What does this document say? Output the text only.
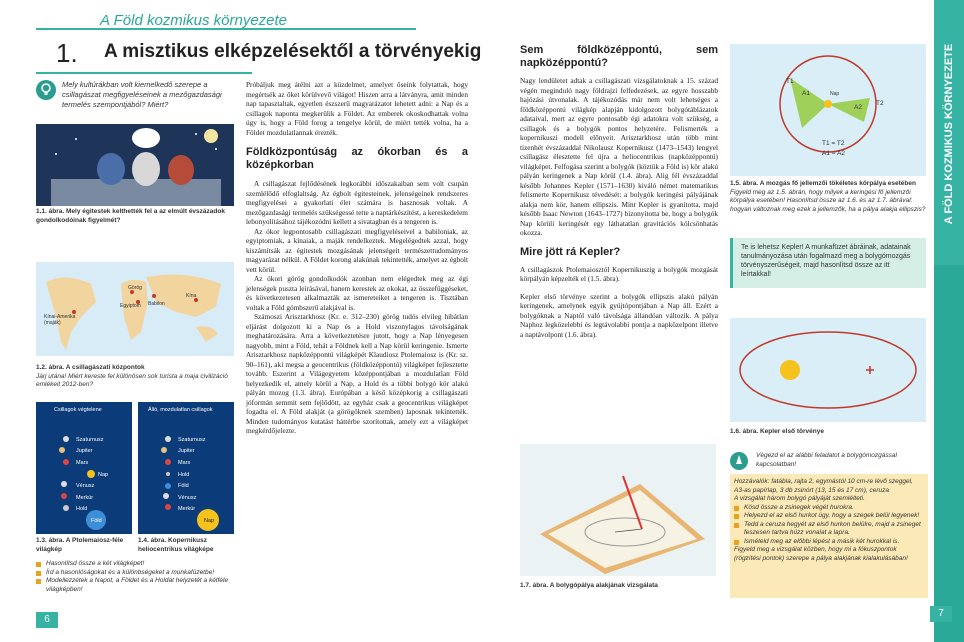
A FÖLD KOZMIKUS KÖRNYEZETE
A Föld kozmikus környezete
1. A misztikus elképzelésektől a törvényekig
Mely kultúrákban volt kiemelkedő szerepe a csillagászat megfigyeléseinek a mezőgazdasági termelés szempontjából? Miért?
1.1. ábra. Mely égitestek kelthették fel a az elmúlt évszázadok gondolkodóinak figyelmét?
Kína
Kínai-Amerika (maják)
Egyiptom Babilon
Görög
1.2. ábra. A csillagászati központok
Járj utána! Miért kereste fel különösen sok turista a maja civilizáció emlékeit 2012-ben?
Csillagok végtelene
Szaturnusz
Jupiter
Mars
Nap
Vénusz
Merkúr
Hold
Föld
Álló, mozdulatlan csillagok
Szaturnusz
Jupiter
Mars
Hold
Föld
Vénusz
Merkúr
Nap
1.3. ábra. A Ptolemaiosz-féle világkép
1.4. ábra. Kopernikusz heliocentrikus világképe
Hasonlítsd össze a két világképet!
Írd a hasonlóságokat és a különbségeket a munkafüzetbe!
Modellezzétek a Napot, a Földet és a Holdat helyzetét a kétféle világképben!
6

Próbáljuk meg átélni azt a küzdelmet, amelyet őseink folytattak, hogy megértsék az őket körülvevő világot! Hiszen arra a látványra, amit minden nap tapasztaltak, egyetlen észszerű magyarázatot lehetett adni: a Nap és a csillagok naponta megkerülik a Földet. Az emberek okoskodhattak volna úgy is, hogy a Föld forog a tengelye körül, de miért tették volna, ha a Földet mozdulatlannak érezték.

Földközpontúság az ókorban és a középkorban

A csillagászat fejlődésének legkorábbi időszakaiban sem volt csupán szemlélődő elfoglaltság. Az égbolt égitesteinek, jelenségeinek rendszeres megfigyelései a gyakorlati élet számára is hasznosak voltak. A mezőgazdasági termelés szükségessé tette a naptárkészítést, a kereskedelem lebonyolításához tájékozódni kellett a sivatagban és a tengeren is.

Az ókor legpontosabb csillagászati megfigyeléseivel a babiloniak, az egyiptomiak, a kínaiak, a maják rendelkeztek. Megelégedtek azzal, hogy kiszámítsák az égitestek mozgásának jelenségeit természettudományos magyarázat nélkül. A Földet korong alakúnak tekintették, amelyet az égbolt vett körül.

Az ókori görög gondolkodók azonban nem elégedtek meg az égi jelenségek puszta leírásával, hanem kerestek az okokat, az összefüggéseket, és következetesen alkalmazták az ismereteiket a tengeren is. Tisztában voltak a Föld gömbszerű alakjával is.

Számoszi Arisztarkhosz (Kr. e. 312–230) görög tudós elvileg hibátlan eljárást dolgozott ki a Nap és a Hold viszonylagos távolságának meghatározására. Arra a következtetésre jutott, hogy a Nap lényegesen nagyobb, mint a Föld, tehát a Földnek kell a Nap körül keringenie. Ismerte Arisztarkhosz napközéppontú világképét Klaudiosz Ptolemaiosz is (Kr. sz. 90–161), aki megsa a geocentrikus (földközéppontú) világképet fejlesztette tovább. Eszerint a Világegyetem középpontjában a mozdulatlan Föld helyezkedik el, amely körül a Nap, a Hold és a többi bolygó kör alakú pályán mozog (1.3. ábra). Európában a késő középkorig a csillagászati jóformán semmit sem fejlődött, az egyház csak a geocentrikus világképet fogadta el. A Föld alakját (a görögöknek szemben) laposnak tekintették. Minden tudományos kutatást háttérbe szorítottak, amely ezt a világképet megkérdőjelezte.

Sem földközéppontú, sem napközéppontú?

Nagy lendületet adtak a csillagászati vizsgálatoknak a 15. század végén meginduló nagy földrajzi felfedezések, az egyre hosszabb hajózási útvonalak. A tájékozódás már nem volt lehetséges a földközéppontú világkép alapján kidolgozott bolygótáblázatok adataival, mert az egyre pontosabb égi adatokra volt szükség, a csillagok és a bolygók pontos helyzetére. Felismerték a kopernikuszi modell előnyeit. Arisztarkhosz után több mint tizenhét évszázaddal Nikolausz Kopernikusz (1473–1543) lengyel csillagász élesztette fel újra a heliocentrikus (napközéppontú) világképet. Felfogása szerint a bolygók (köztük a Föld is) kör alakú pályán keringenek a Nap körül (1.4. ábra). Alig fél évszázaddal később Johannes Kepler (1571–1630) kiváló német matematikus felismerte Kopernikusz tévedését: a bolygók keringési pályájának alakja nem kör, hanem ellipszis. Mint Kepler is gyanította, majd később Isaac Newton (1643–1727) bizonyította be, hogy a bolygók Nap körüli keringését egy láthatatlan gravitációs kölcsönhatás okozza.

Mire jött rá Kepler?

A csillagászok Ptolemaiosztól Kopernikuszig a bolygók mozgását körpályán képzelték el (1.5. ábra).

Kepler első törvénye szerint a bolygók ellipszis alakú pályán keringenek, amelynek egyik gyújtópontjában a Nap áll. Ezért a bolygóknak a Naptól való távolsága állandóan változik. A pálya Naphoz legközelebbi és legtávolabbi pontja a napközelpont illetve a naptávolpont (1.6. ábra).

1.7. ábra. A bolygópálya alakjának vizsgálata
T1
A1
A2
T2
Nap
T1 = T2
A1 = A2
1.5. ábra. A mozgás fő jellemzői tökéletes körpálya esetében Figyeld meg az 1.5. ábrán, hogy milyek a keringési fő jellemzői körpálya esetében! Hasonlítsd össze az 1.6. és az 1.7. ábrával: hogyan változnak meg ezek a jellemzők, ha a pálya alakja ellipszis?

Te is lehetsz Kepler! A munkafüzet ábráinak, adatainak tanulmányozása után fogalmazd meg a bolygómozgás törvényszerűségeit, majd hasonlítsd össze az itt leírtakkal!

1.6. ábra. Kepler első törvénye
Végezd el az alábbi feladatot a bolygómozgással kapcsolatban!

Hozzávalók: fatábla, rajta 2, egymástól 10 cm-re lévő szeggel, A3-as papírlap, 3 db zsinórt (13, 15 és 17 cm), ceruza

A vizsgálat három bolygó pályáját szemlélteti.

Kösd össze a zsinegek végét hurokra.
Helyezd el az első hurkot úgy, hogy a szegek belül legyenek!
Tedd a ceruza hegyét az első hurkon belülre, majd a zsineget feszesen tartva húzz vonalat a lapra.
Ismételd meg az előbbi lépést a másik két hurokkal is.

Figyeld meg a vizsgálat közben, hogy mi a fókuszpontok (rögzítési pontok) szerepe a pálya alakjának kialakulásában!

7
